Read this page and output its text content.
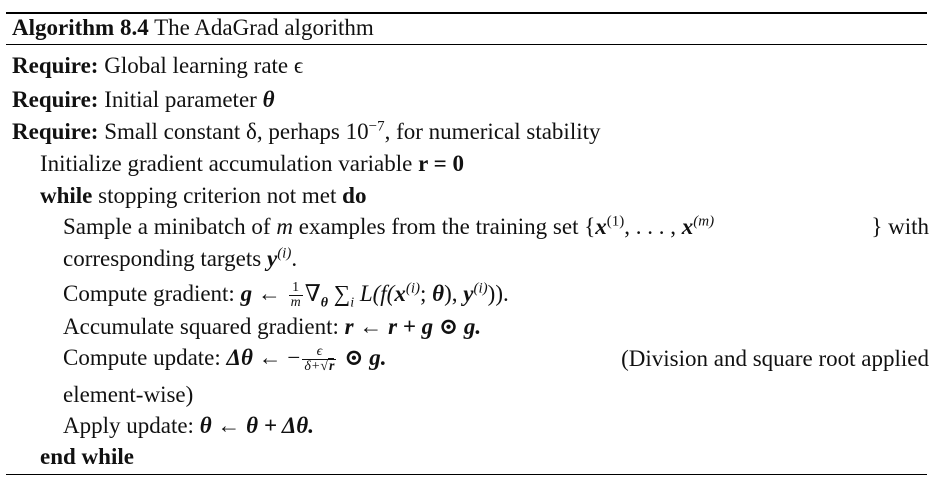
Algorithm 8.4 The AdaGrad algorithm
Require: Global learning rate ϵ
Require: Initial parameter θ
Require: Small constant δ, perhaps $10^{-7}$, for numerical stability
Initialize gradient accumulation variable r = 0
while stopping criterion not met do
Sample a minibatch of m examples from the training set {$x^{(1)}$, . . . , $x^{(m)}$	} with
corresponding targets $y^{(i)}$.
Compute gradient: g ← $\frac{1}{m} \nabla_\theta$ $\sum_i$ $L(f(x^{(i)}$; θ), $y^{(i)}$)).
Accumulate squared gradient: r ← r + g ⊙ g.
Compute update: Δθ ← − $\frac{\epsilon}{\delta+√r}$ ⊙ g.	(Division and square root applied
element-wise)
Apply update: θ ← θ + Δθ.
end while
